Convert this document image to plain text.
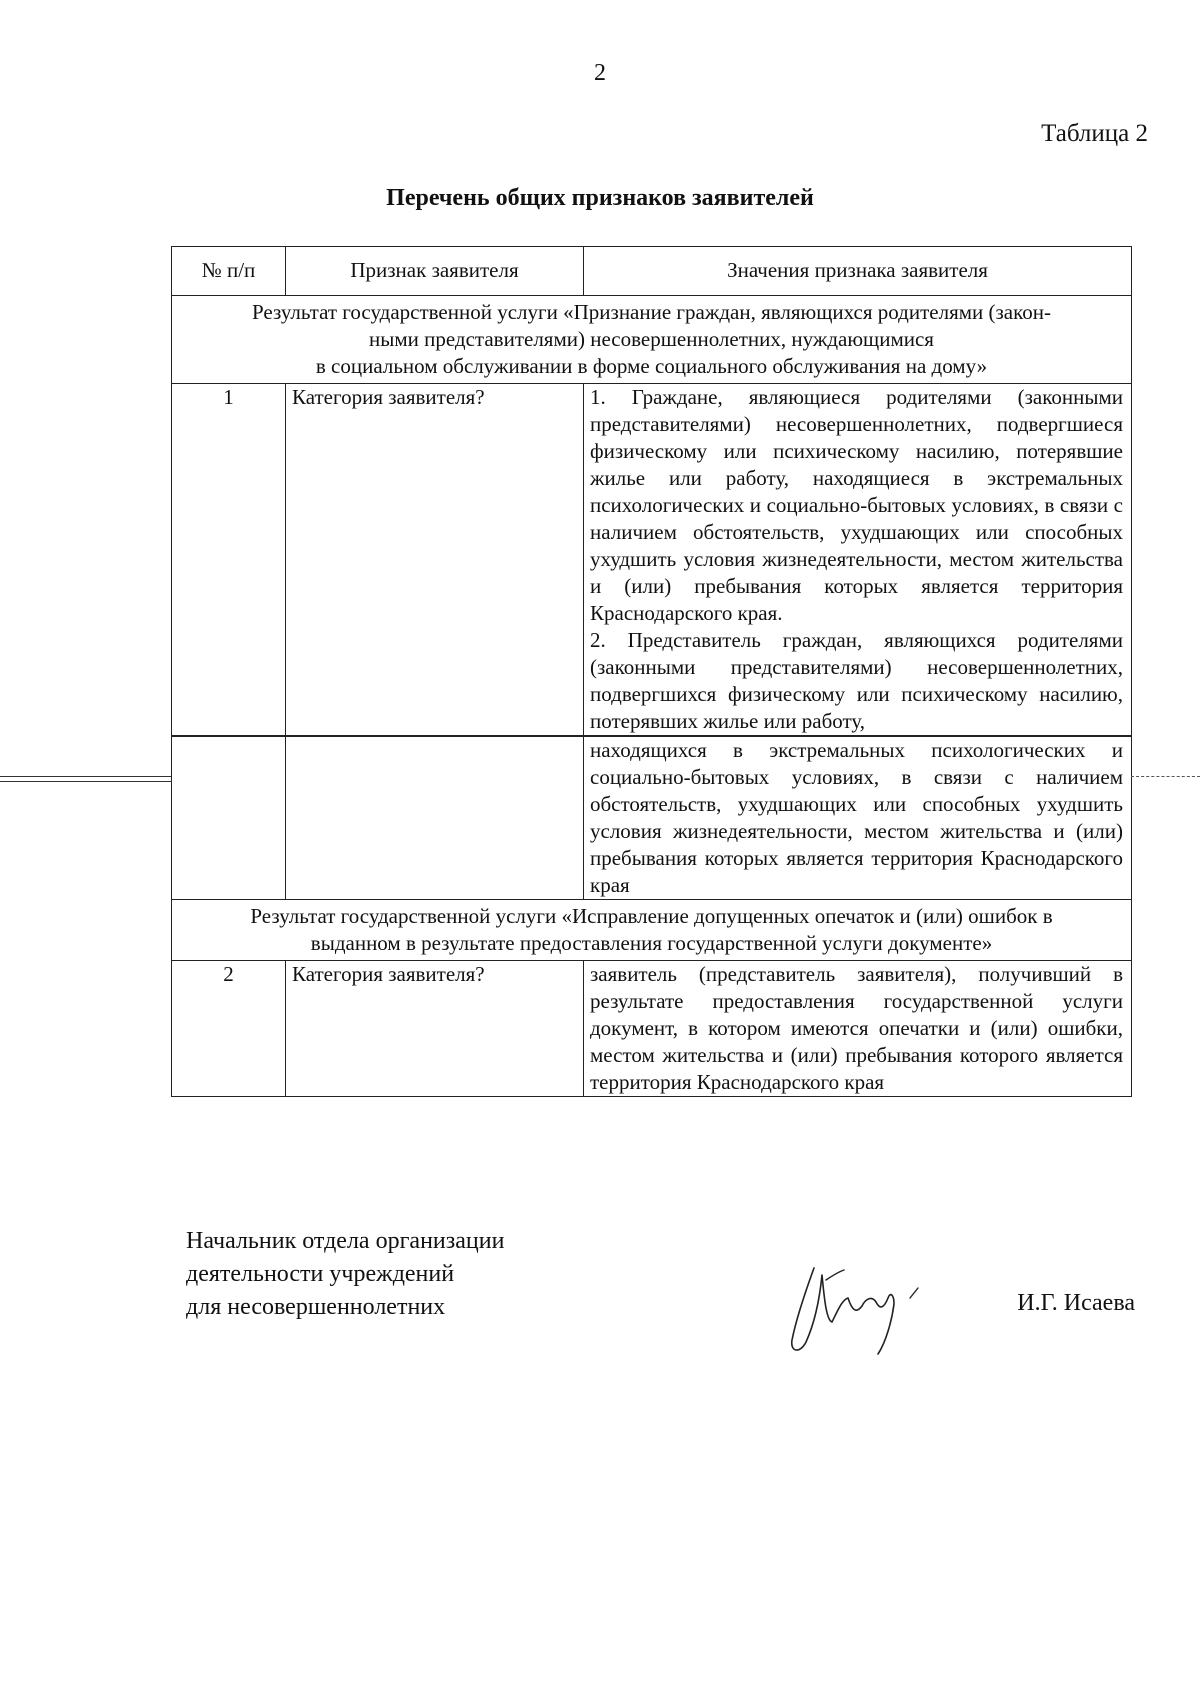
2
Таблица 2
Перечень общих признаков заявителей
№ п/п	Признак заявителя	Значения признака заявителя

Результат государственной услуги «Признание граждан, являющихся родителями (закон-
ными представителями) несовершеннолетних, нуждающимися
в социальном обслуживании в форме социального обслуживания на дому»		

1	Категория заявителя?	1. Граждане, являющиеся родителями (законными представителями) несовершеннолетних, подвергшиеся физическому или психическому насилию, потерявшие жилье или работу, находящиеся в экстремальных психологических и социально-бытовых условиях, в связи с наличием обстоятельств, ухудшающих или способных ухудшить условия жизнедеятельности, местом жительства и (или) пребывания которых является территория Краснодарского края.
2. Представитель граждан, являющихся родителями (законными представителями) несовершеннолетних, подвергшихся физическому или психическому насилию, потерявших жилье или работу,

		находящихся в экстремальных психологических и социально-бытовых условиях, в связи с наличием обстоятельств, ухудшающих или способных ухудшить условия жизнедеятельности, местом жительства и (или) пребывания которых является территория Краснодарского края

Результат государственной услуги «Исправление допущенных опечаток и (или) ошибок в
выданном в результате предоставления государственной услуги документе»		

2	Категория заявителя?	заявитель (представитель заявителя), получивший в результате предоставления государственной услуги документ, в котором имеются опечатки и (или) ошибки, местом жительства и (или) пребывания которого является территория Краснодарского края
Начальник отдела организации
деятельности учреждений
для несовершеннолетних	И.Г. Исаева
